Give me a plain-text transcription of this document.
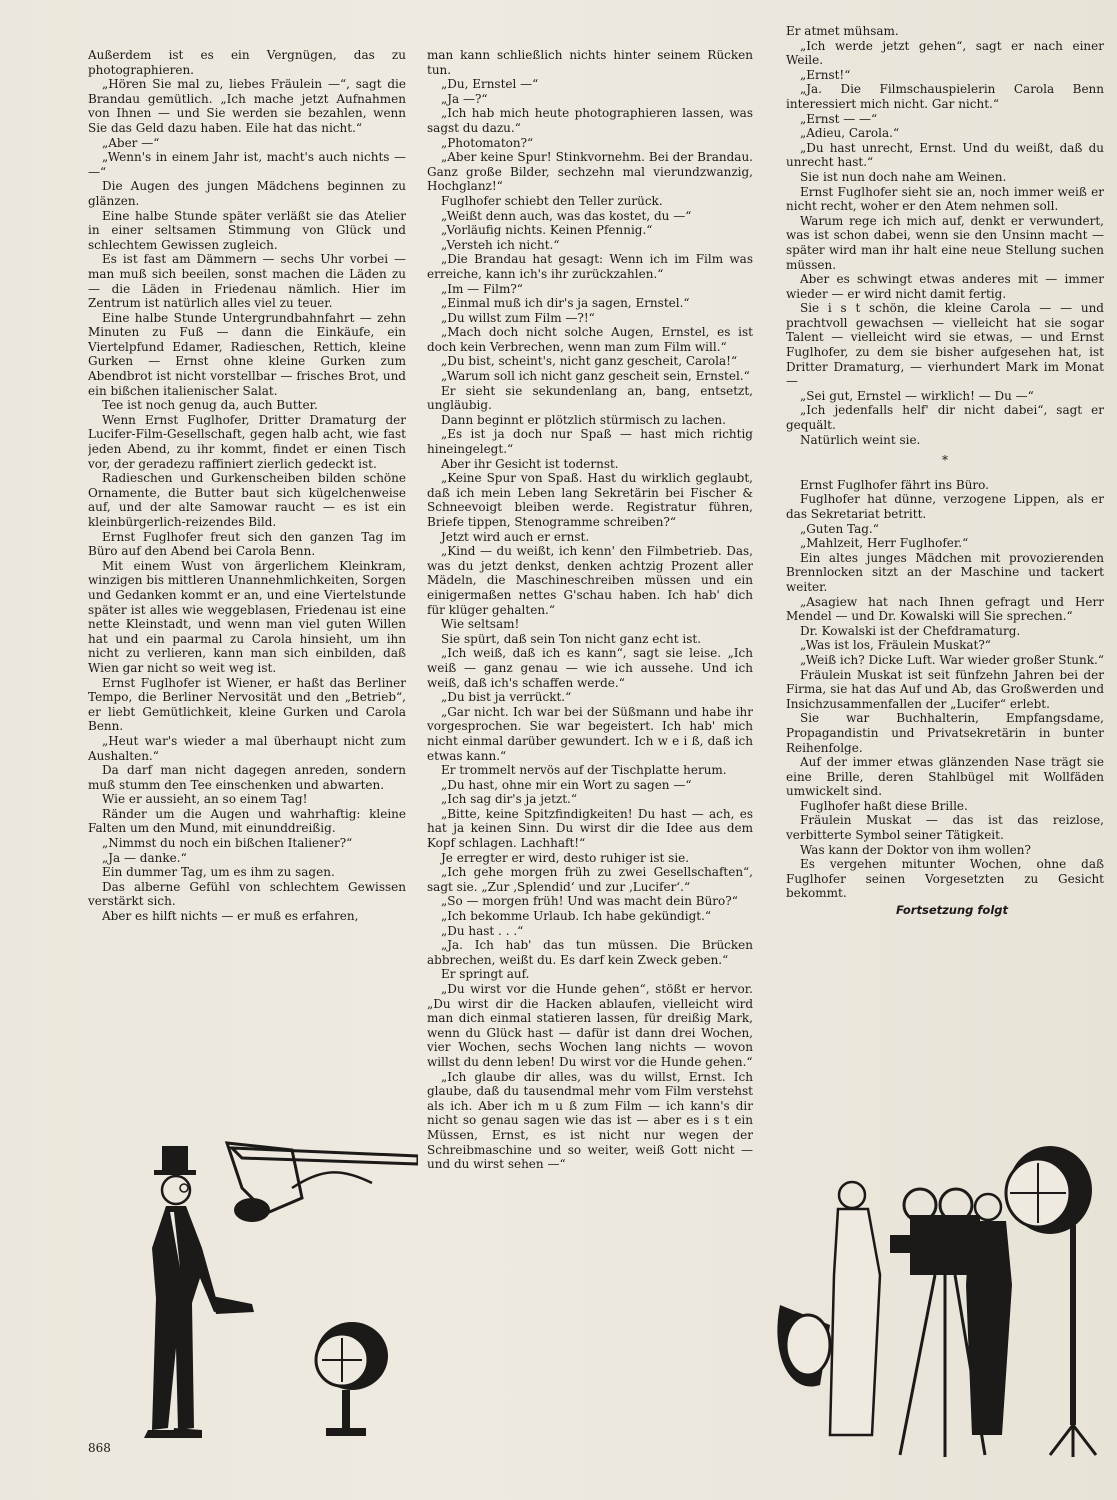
Außerdem ist es ein Vergnügen, das zu photographieren.

„Hören Sie mal zu, liebes Fräulein —“, sagt die Brandau gemütlich. „Ich mache jetzt Aufnahmen von Ihnen — und Sie werden sie bezahlen, wenn Sie das Geld dazu haben. Eile hat das nicht.“

„Aber —“

„Wenn's in einem Jahr ist, macht's auch nichts — —“

Die Augen des jungen Mädchens beginnen zu glänzen.

Eine halbe Stunde später verläßt sie das Atelier in einer seltsamen Stimmung von Glück und schlechtem Gewissen zugleich.

Es ist fast am Dämmern — sechs Uhr vorbei — man muß sich beeilen, sonst machen die Läden zu — die Läden in Friedenau nämlich. Hier im Zentrum ist natürlich alles viel zu teuer.

Eine halbe Stunde Untergrundbahnfahrt — zehn Minuten zu Fuß — dann die Einkäufe, ein Viertelpfund Edamer, Radieschen, Rettich, kleine Gurken — Ernst ohne kleine Gurken zum Abendbrot ist nicht vorstellbar — frisches Brot, und ein bißchen italienischer Salat.

Tee ist noch genug da, auch Butter.

Wenn Ernst Fuglhofer, Dritter Dramaturg der Lucifer-Film-Gesellschaft, gegen halb acht, wie fast jeden Abend, zu ihr kommt, findet er einen Tisch vor, der geradezu raffiniert zierlich gedeckt ist.

Radieschen und Gurkenscheiben bilden schöne Ornamente, die Butter baut sich kügelchenweise auf, und der alte Samowar raucht — es ist ein kleinbürgerlich-reizendes Bild.

Ernst Fuglhofer freut sich den ganzen Tag im Büro auf den Abend bei Carola Benn.

Mit einem Wust von ärgerlichem Kleinkram, winzigen bis mittleren Unannehmlichkeiten, Sorgen und Gedanken kommt er an, und eine Viertelstunde später ist alles wie weggeblasen, Friedenau ist eine nette Kleinstadt, und wenn man viel guten Willen hat und ein paarmal zu Carola hinsieht, um ihn nicht zu verlieren, kann man sich einbilden, daß Wien gar nicht so weit weg ist.

Ernst Fuglhofer ist Wiener, er haßt das Berliner Tempo, die Berliner Nervosität und den „Betrieb“, er liebt Gemütlichkeit, kleine Gurken und Carola Benn.

„Heut war's wieder a mal überhaupt nicht zum Aushalten.“

Da darf man nicht dagegen anreden, sondern muß stumm den Tee einschenken und abwarten.

Wie er aussieht, an so einem Tag!

Ränder um die Augen und wahrhaftig: kleine Falten um den Mund, mit einunddreißig.

„Nimmst du noch ein bißchen Italiener?“

„Ja — danke.“

Ein dummer Tag, um es ihm zu sagen.

Das alberne Gefühl von schlechtem Gewissen verstärkt sich.

Aber es hilft nichts — er muß es erfahren,

man kann schließlich nichts hinter seinem Rücken tun.

„Du, Ernstel —“

„Ja —?“

„Ich hab mich heute photographieren lassen, was sagst du dazu.“

„Photomaton?“

„Aber keine Spur! Stinkvornehm. Bei der Brandau. Ganz große Bilder, sechzehn mal vierundzwanzig, Hochglanz!“

Fuglhofer schiebt den Teller zurück.

„Weißt denn auch, was das kostet, du —“

„Vorläufig nichts. Keinen Pfennig.“

„Versteh ich nicht.“

„Die Brandau hat gesagt: Wenn ich im Film was erreiche, kann ich's ihr zurückzahlen.“

„Im — Film?“

„Einmal muß ich dir's ja sagen, Ernstel.“

„Du willst zum Film —?!“

„Mach doch nicht solche Augen, Ernstel, es ist doch kein Verbrechen, wenn man zum Film will.“

„Du bist, scheint's, nicht ganz gescheit, Carola!“

„Warum soll ich nicht ganz gescheit sein, Ernstel.“

Er sieht sie sekundenlang an, bang, entsetzt, ungläubig.

Dann beginnt er plötzlich stürmisch zu lachen.

„Es ist ja doch nur Spaß — hast mich richtig hineingelegt.“

Aber ihr Gesicht ist todernst.

„Keine Spur von Spaß. Hast du wirklich geglaubt, daß ich mein Leben lang Sekretärin bei Fischer & Schneevoigt bleiben werde. Registratur führen, Briefe tippen, Stenogramme schreiben?“

Jetzt wird auch er ernst.

„Kind — du weißt, ich kenn' den Filmbetrieb. Das, was du jetzt denkst, denken achtzig Prozent aller Mädeln, die Maschineschreiben müssen und ein einigermaßen nettes G'schau haben. Ich hab' dich für klüger gehalten.“

Wie seltsam!

Sie spürt, daß sein Ton nicht ganz echt ist.

„Ich weiß, daß ich es kann“, sagt sie leise. „Ich weiß — ganz genau — wie ich aussehe. Und ich weiß, daß ich's schaffen werde.“

„Du bist ja verrückt.“

„Gar nicht. Ich war bei der Süßmann und habe ihr vorgesprochen. Sie war begeistert. Ich hab' mich nicht einmal darüber gewundert. Ich w e i ß, daß ich etwas kann.“

Er trommelt nervös auf der Tischplatte herum.

„Du hast, ohne mir ein Wort zu sagen —“

„Ich sag dir's ja jetzt.“

„Bitte, keine Spitzfindigkeiten! Du hast — ach, es hat ja keinen Sinn. Du wirst dir die Idee aus dem Kopf schlagen. Lachhaft!“

Je erregter er wird, desto ruhiger ist sie.

„Ich gehe morgen früh zu zwei Gesellschaften“, sagt sie. „Zur ‚Splendid‘ und zur ‚Lucifer‘.“

„So — morgen früh! Und was macht dein Büro?“

„Ich bekomme Urlaub. Ich habe gekündigt.“

„Du hast . . .“

„Ja. Ich hab' das tun müssen. Die Brücken abbrechen, weißt du. Es darf kein Zweck geben.“

Er springt auf.

„Du wirst vor die Hunde gehen“, stößt er hervor. „Du wirst dir die Hacken ablaufen, vielleicht wird man dich einmal statieren lassen, für dreißig Mark, wenn du Glück hast — dafür ist dann drei Wochen, vier Wochen, sechs Wochen lang nichts — wovon willst du denn leben! Du wirst vor die Hunde gehen.“

„Ich glaube dir alles, was du willst, Ernst. Ich glaube, daß du tausendmal mehr vom Film verstehst als ich. Aber ich m u ß zum Film — ich kann's dir nicht so genau sagen wie das ist — aber es i s t ein Müssen, Ernst, es ist nicht nur wegen der Schreibmaschine und so weiter, weiß Gott nicht — und du wirst sehen —“

Er atmet mühsam.

„Ich werde jetzt gehen“, sagt er nach einer Weile.

„Ernst!“

„Ja. Die Filmschauspielerin Carola Benn interessiert mich nicht. Gar nicht.“

„Ernst — —“

„Adieu, Carola.“

„Du hast unrecht, Ernst. Und du weißt, daß du unrecht hast.“

Sie ist nun doch nahe am Weinen.

Ernst Fuglhofer sieht sie an, noch immer weiß er nicht recht, woher er den Atem nehmen soll.

Warum rege ich mich auf, denkt er verwundert, was ist schon dabei, wenn sie den Unsinn macht — später wird man ihr halt eine neue Stellung suchen müssen.

Aber es schwingt etwas anderes mit — immer wieder — er wird nicht damit fertig.

Sie i s t schön, die kleine Carola — — und prachtvoll gewachsen — vielleicht hat sie sogar Talent — vielleicht wird sie etwas, — und Ernst Fuglhofer, zu dem sie bisher aufgesehen hat, ist Dritter Dramaturg, — vierhundert Mark im Monat —

„Sei gut, Ernstel — wirklich! — Du —“

„Ich jedenfalls helf' dir nicht dabei“, sagt er gequält.

Natürlich weint sie.

*

Ernst Fuglhofer fährt ins Büro.

Fuglhofer hat dünne, verzogene Lippen, als er das Sekretariat betritt.

„Guten Tag.“

„Mahlzeit, Herr Fuglhofer.“

Ein altes junges Mädchen mit provozierenden Brennlocken sitzt an der Maschine und tackert weiter.

„Asagiew hat nach Ihnen gefragt und Herr Mendel — und Dr. Kowalski will Sie sprechen.“

Dr. Kowalski ist der Chefdramaturg.

„Was ist los, Fräulein Muskat?“

„Weiß ich? Dicke Luft. War wieder großer Stunk.“

Fräulein Muskat ist seit fünfzehn Jahren bei der Firma, sie hat das Auf und Ab, das Großwerden und Insichzusammenfallen der „Lucifer“ erlebt.

Sie war Buchhalterin, Empfangsdame, Propagandistin und Privatsekretärin in bunter Reihenfolge.

Auf der immer etwas glänzenden Nase trägt sie eine Brille, deren Stahlbügel mit Wollfäden umwickelt sind.

Fuglhofer haßt diese Brille.

Fräulein Muskat — das ist das reizlose, verbitterte Symbol seiner Tätigkeit.

Was kann der Doktor von ihm wollen?

Es vergehen mitunter Wochen, ohne daß Fuglhofer seinen Vorgesetzten zu Gesicht bekommt.

Fortsetzung folgt

868
